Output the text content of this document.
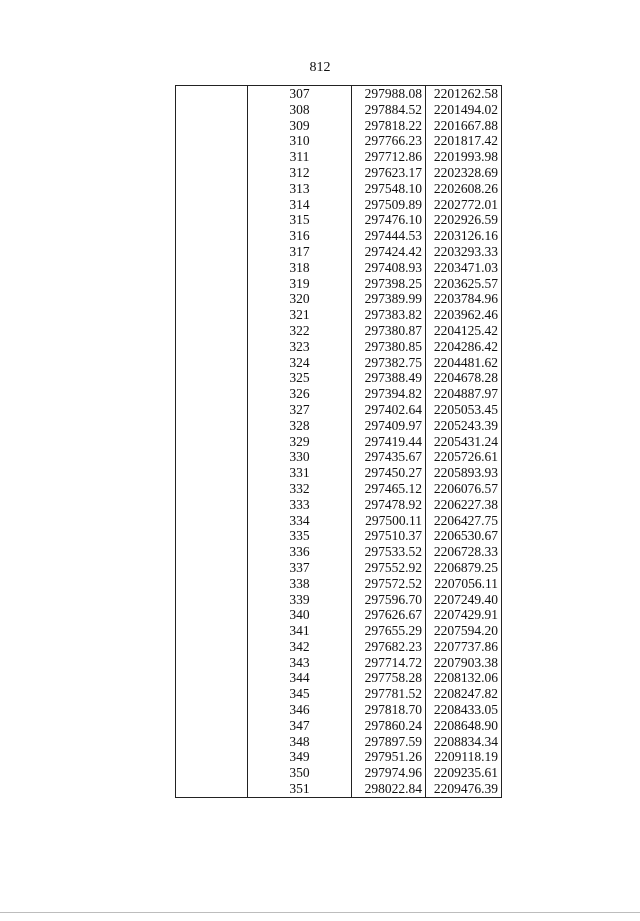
812
	307	297988.08	2201262.58
	308	297884.52	2201494.02
	309	297818.22	2201667.88
	310	297766.23	2201817.42
	311	297712.86	2201993.98
	312	297623.17	2202328.69
	313	297548.10	2202608.26
	314	297509.89	2202772.01
	315	297476.10	2202926.59
	316	297444.53	2203126.16
	317	297424.42	2203293.33
	318	297408.93	2203471.03
	319	297398.25	2203625.57
	320	297389.99	2203784.96
	321	297383.82	2203962.46
	322	297380.87	2204125.42
	323	297380.85	2204286.42
	324	297382.75	2204481.62
	325	297388.49	2204678.28
	326	297394.82	2204887.97
	327	297402.64	2205053.45
	328	297409.97	2205243.39
	329	297419.44	2205431.24
	330	297435.67	2205726.61
	331	297450.27	2205893.93
	332	297465.12	2206076.57
	333	297478.92	2206227.38
	334	297500.11	2206427.75
	335	297510.37	2206530.67
	336	297533.52	2206728.33
	337	297552.92	2206879.25
	338	297572.52	2207056.11
	339	297596.70	2207249.40
	340	297626.67	2207429.91
	341	297655.29	2207594.20
	342	297682.23	2207737.86
	343	297714.72	2207903.38
	344	297758.28	2208132.06
	345	297781.52	2208247.82
	346	297818.70	2208433.05
	347	297860.24	2208648.90
	348	297897.59	2208834.34
	349	297951.26	2209118.19
	350	297974.96	2209235.61
	351	298022.84	2209476.39
